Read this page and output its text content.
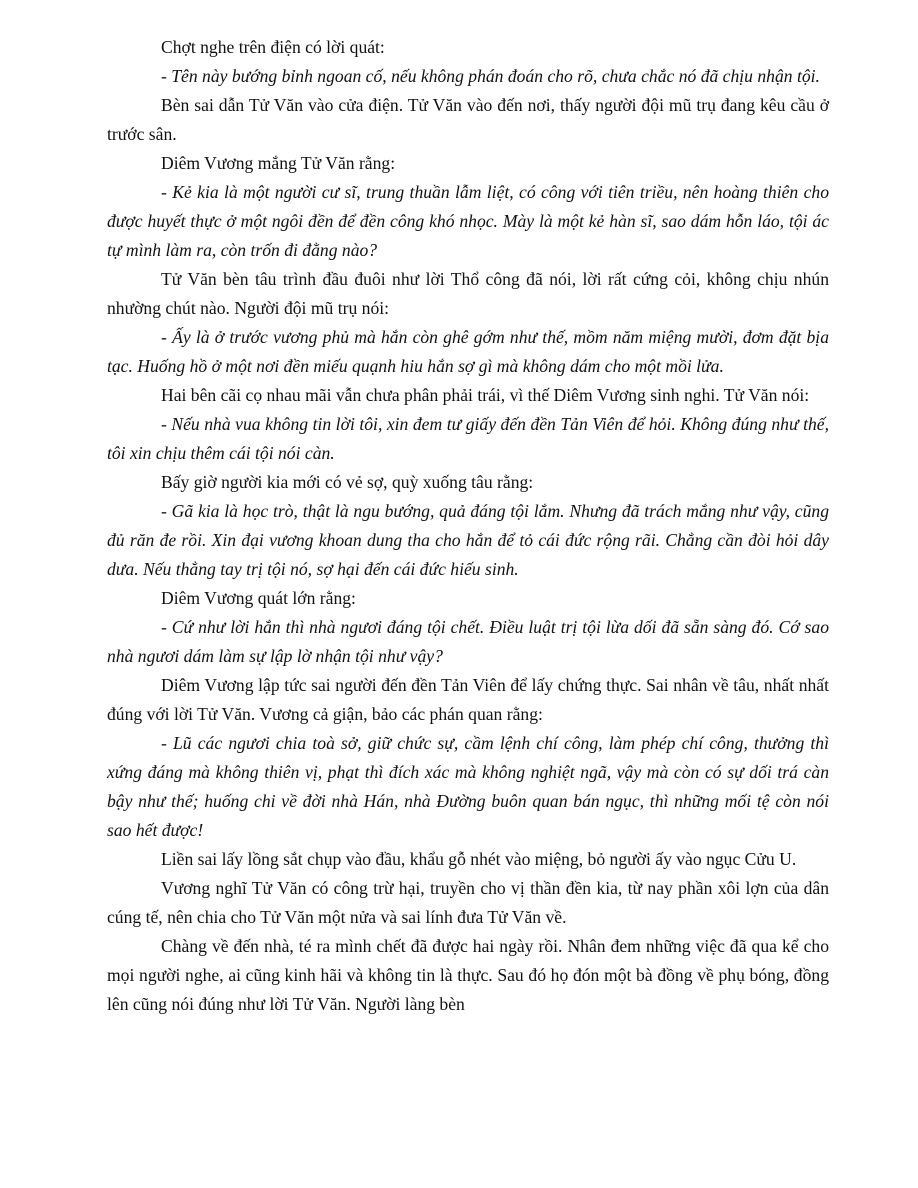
Chợt nghe trên điện có lời quát:

- Tên này bướng bỉnh ngoan cố, nếu không phán đoán cho rõ, chưa chắc nó đã chịu nhận tội.

Bèn sai dẫn Tử Văn vào cửa điện. Tử Văn vào đến nơi, thấy người đội mũ trụ đang kêu cầu ở trước sân.

Diêm Vương mắng Tử Văn rằng:

- Kẻ kia là một người cư sĩ, trung thuần lẫm liệt, có công với tiên triều, nên hoàng thiên cho được huyết thực ở một ngôi đền để đền công khó nhọc. Mày là một kẻ hàn sĩ, sao dám hỗn láo, tội ác tự mình làm ra, còn trốn đi đằng nào?

Tử Văn bèn tâu trình đầu đuôi như lời Thổ công đã nói, lời rất cứng cỏi, không chịu nhún nhường chút nào. Người đội mũ trụ nói:

- Ấy là ở trước vương phủ mà hắn còn ghê gớm như thế, mồm năm miệng mười, đơm đặt bịa tạc. Huống hồ ở một nơi đền miếu quạnh hiu hắn sợ gì mà không dám cho một mồi lửa.

Hai bên cãi cọ nhau mãi vẫn chưa phân phải trái, vì thế Diêm Vương sinh nghi. Tử Văn nói:

- Nếu nhà vua không tin lời tôi, xin đem tư giấy đến đền Tản Viên để hỏi. Không đúng như thế, tôi xin chịu thêm cái tội nói càn.

Bấy giờ người kia mới có vẻ sợ, quỳ xuống tâu rằng:

- Gã kia là học trò, thật là ngu bướng, quả đáng tội lắm. Nhưng đã trách mắng như vậy, cũng đủ răn đe rồi. Xin đại vương khoan dung tha cho hắn để tỏ cái đức rộng rãi. Chẳng cần đòi hỏi dây dưa. Nếu thẳng tay trị tội nó, sợ hại đến cái đức hiếu sinh.

Diêm Vương quát lớn rằng:

- Cứ như lời hắn thì nhà ngươi đáng tội chết. Điều luật trị tội lừa dối đã sẵn sàng đó. Cớ sao nhà ngươi dám làm sự lập lờ nhận tội như vậy?

Diêm Vương lập tức sai người đến đền Tản Viên để lấy chứng thực. Sai nhân về tâu, nhất nhất đúng với lời Tử Văn. Vương cả giận, bảo các phán quan rằng:

- Lũ các ngươi chia toà sở, giữ chức sự, cầm lệnh chí công, làm phép chí công, thưởng thì xứng đáng mà không thiên vị, phạt thì đích xác mà không nghiệt ngã, vậy mà còn có sự dối trá càn bậy như thế; huống chi về đời nhà Hán, nhà Đường buôn quan bán ngục, thì những mối tệ còn nói sao hết được!

Liền sai lấy lồng sắt chụp vào đầu, khẩu gỗ nhét vào miệng, bỏ người ấy vào ngục Cửu U.

Vương nghĩ Tử Văn có công trừ hại, truyền cho vị thần đền kia, từ nay phần xôi lợn của dân cúng tế, nên chia cho Tử Văn một nửa và sai lính đưa Tử Văn về.

Chàng về đến nhà, té ra mình chết đã được hai ngày rồi. Nhân đem những việc đã qua kể cho mọi người nghe, ai cũng kinh hãi và không tin là thực. Sau đó họ đón một bà đồng về phụ bóng, đồng lên cũng nói đúng như lời Tử Văn. Người làng bèn
